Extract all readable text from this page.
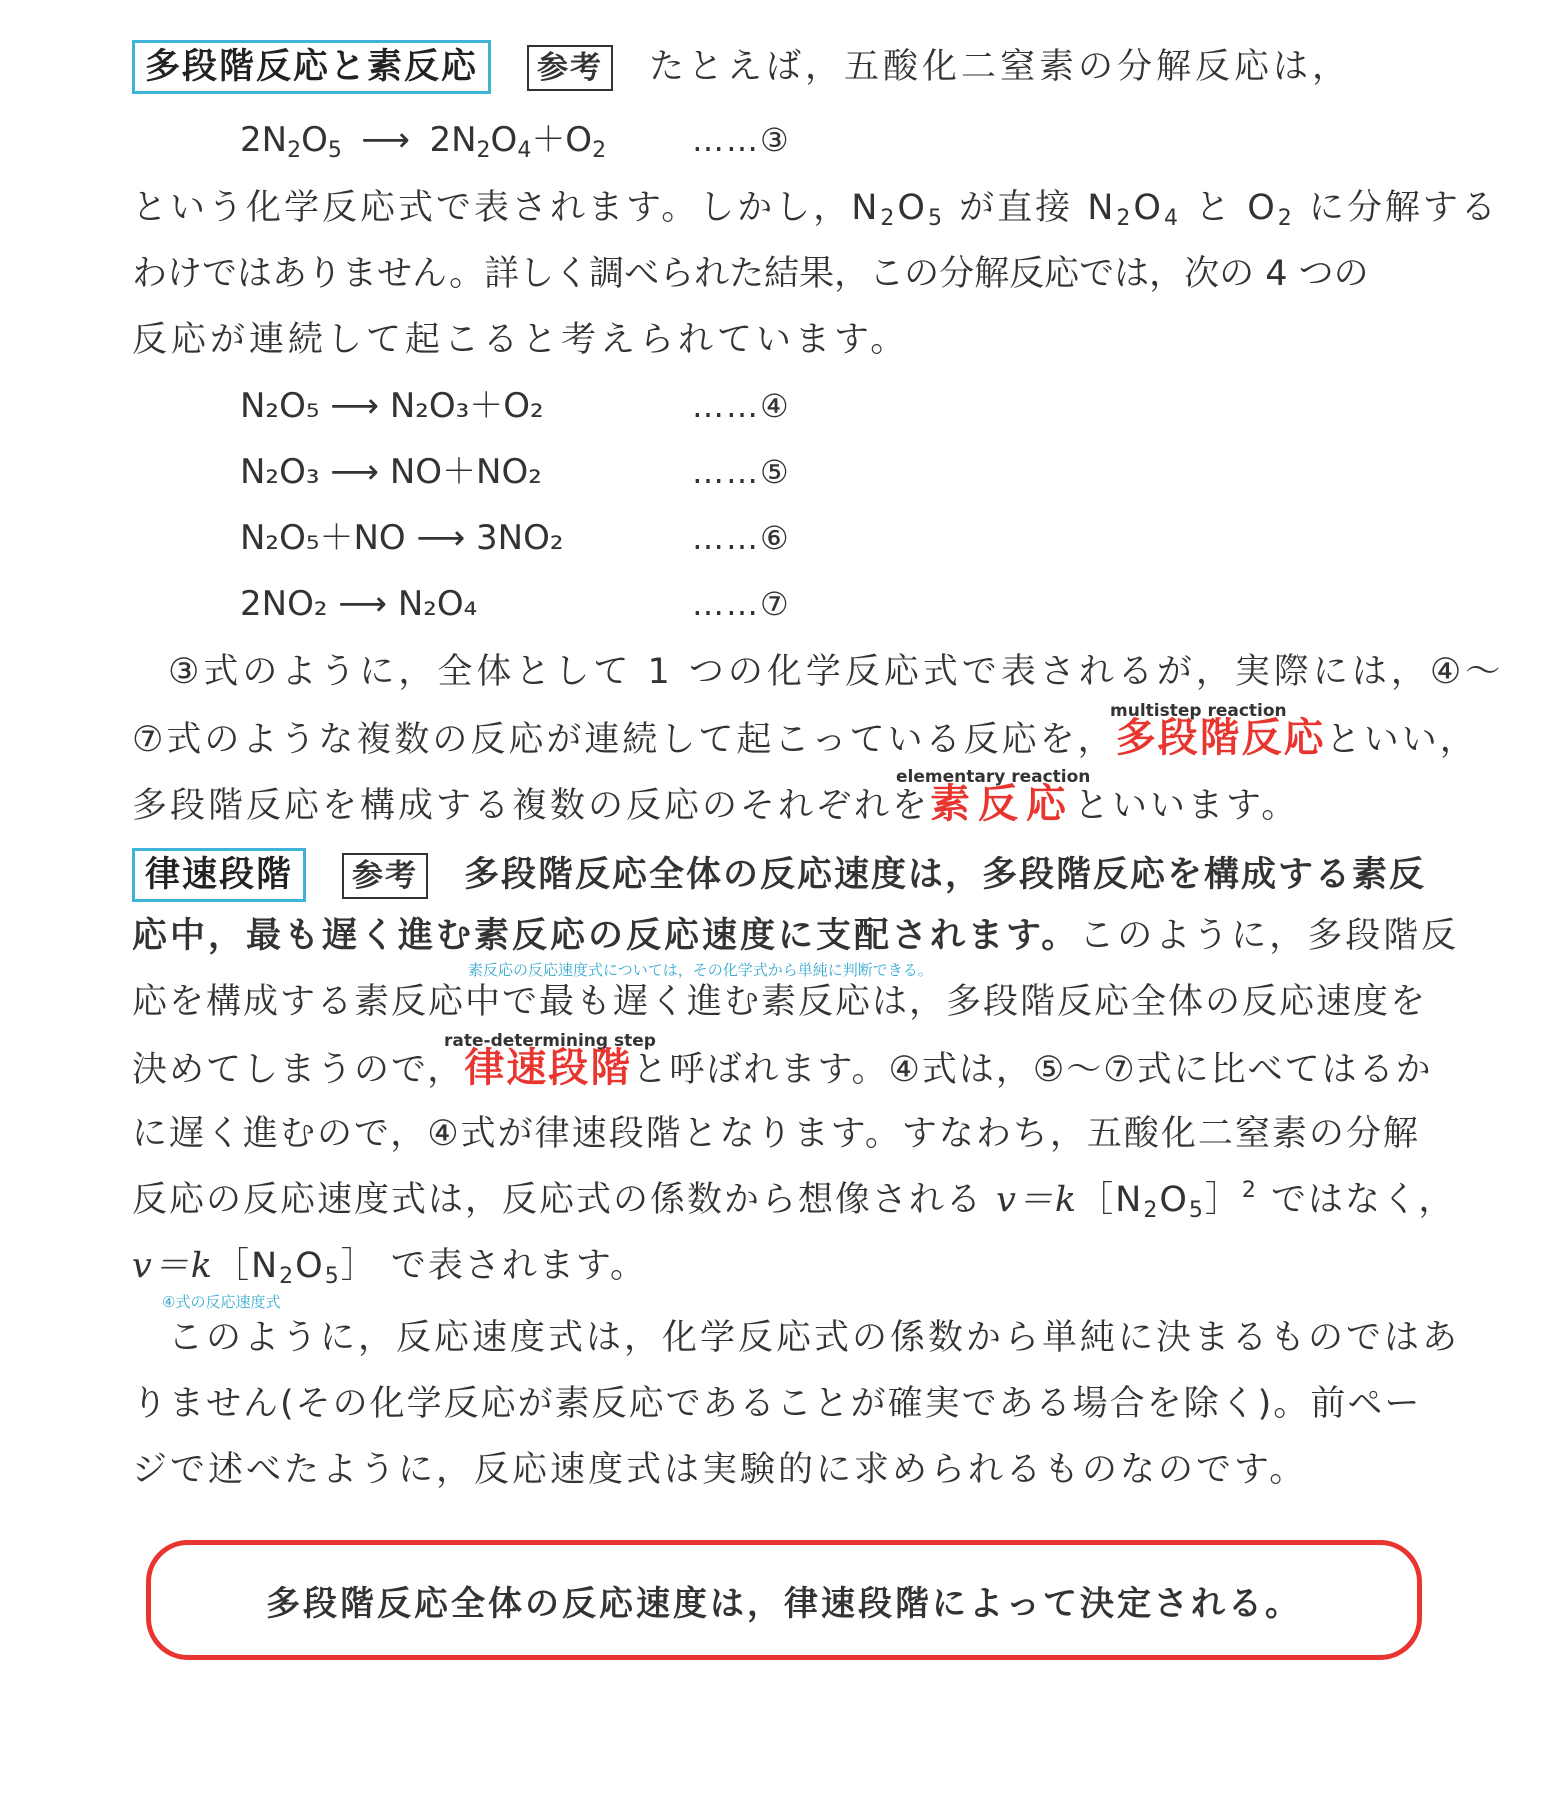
多段階反応と素反応 参考 たとえば，五酸化二窒素の分解反応は，
$2N_2O_5$ ⟶ $2N_2O_4+O_2$	……③
という化学反応式で表されます。しかし，$N_2O_5$ が直接 $N_2O_4$ と $O_2$ に分解する
わけではありません。詳しく調べられた結果，この分解反応では，次の 4 つの
反応が連続して起こると考えられています。
N₂O₅ ⟶ N₂O₃＋O₂	……④
N₂O₃ ⟶ NO＋NO₂	……⑤
N₂O₅＋NO ⟶ 3NO₂	……⑥
2NO₂ ⟶ N₂O₄	……⑦
③式のように，全体として 1 つの化学反応式で表されるが，実際には，④〜
multistep reaction
⑦式のような複数の反応が連続して起こっている反応を，多段階反応といい，
elementary reaction
多段階反応を構成する複数の反応のそれぞれを素反応といいます。
律速段階 参考 多段階反応全体の反応速度は，多段階反応を構成する素反
応中，最も遅く進む素反応の反応速度に支配されます。このように，多段階反
素反応の反応速度式については，その化学式から単純に判断できる。
応を構成する素反応中で最も遅く進む素反応は，多段階反応全体の反応速度を
rate-determining step
決めてしまうので，律速段階と呼ばれます。④式は，⑤〜⑦式に比べてはるか
に遅く進むので，④式が律速段階となります。すなわち，五酸化二窒素の分解
反応の反応速度式は，反応式の係数から想像される $v=k[N_2O_5]^2$ ではなく，
$v=k[N_2O_5]$ で表されます。
④式の反応速度式
このように，反応速度式は，化学反応式の係数から単純に決まるものではあ
りません(その化学反応が素反応であることが確実である場合を除く)。前ペー
ジで述べたように，反応速度式は実験的に求められるものなのです。
多段階反応全体の反応速度は，律速段階によって決定される。
